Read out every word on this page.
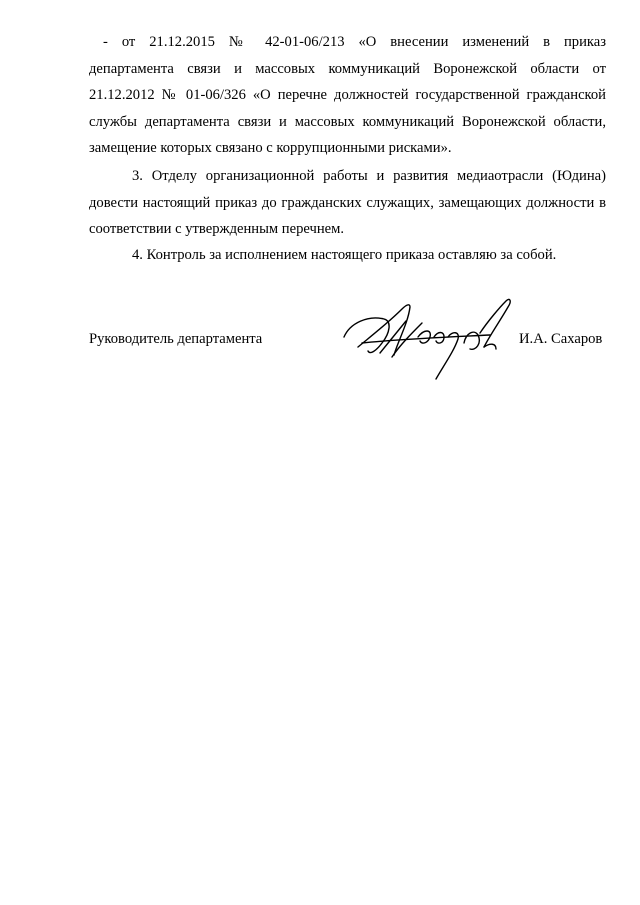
- от 21.12.2015 № 42-01-06/213 «О внесении изменений в приказ
департамента связи и массовых коммуникаций Воронежской области от 21.12.2012 № 01-06/326 «О перечне должностей государственной гражданской службы департамента связи и массовых коммуникаций Воронежской области, замещение которых связано с коррупционными рисками».

3. Отделу организационной работы и развития медиаотрасли (Юдина) довести настоящий приказ до гражданских служащих, замещающих должности в соответствии с утвержденным перечнем.

4. Контроль за исполнением настоящего приказа оставляю за собой.

Руководитель департамента	И.А. Сахаров
